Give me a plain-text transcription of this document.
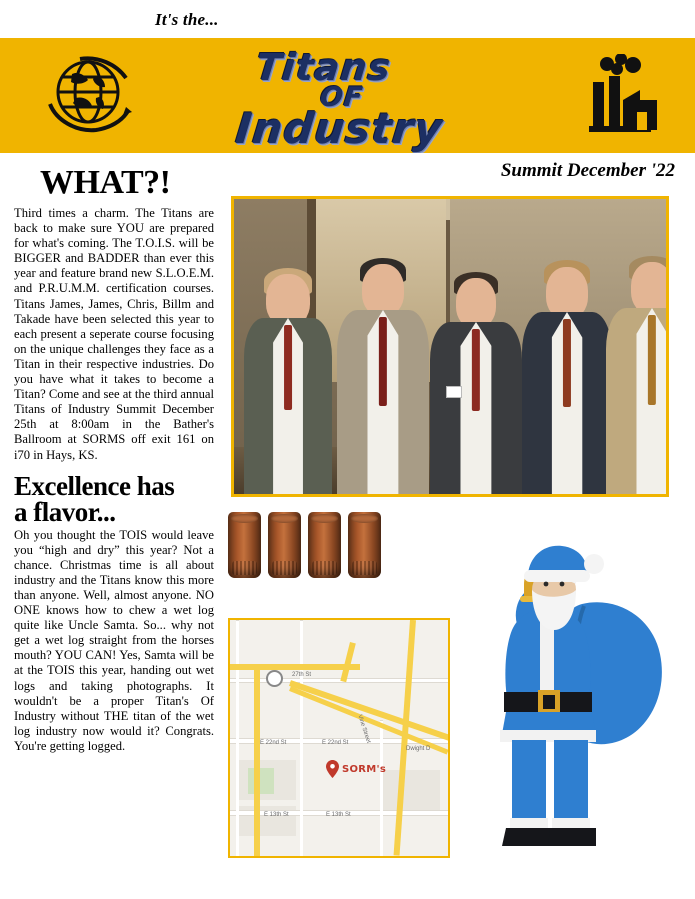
It's the...
Titans
OF
Industry
Summit December '22
WHAT?!

Third times a charm. The Titans are back to make sure YOU are prepared for what's coming. The T.O.I.S. will be BIGGER and BADDER than ever this year and feature brand new S.L.O.E.M. and P.R.U.M.M. certification courses. Titans James, James, Chris, Billm and Takade have been selected this year to each present a seperate course focusing on the unique challenges they face as a Titan in their respective industries. Do you have what it takes to become a Titan? Come and see at the third annual Titans of Industry Summit December 25th at 8:00am in the Bather's Ballroom at SORMS off exit 161 on i70 in Hays, KS.

Excellence has
a flavor...

Oh you thought the TOIS would leave you “high and dry” this year? Not a chance. Christmas time is all about industry and the Titans know this more than anyone. Well, almost anyone. NO ONE knows how to chew a wet log quite like Uncle Samta. So... why not get a wet log straight from the horses mouth? YOU CAN! Yes, Samta will be at the TOIS this year, handing out wet logs and taking photographs. It wouldn't be a proper Titan's Of Industry without THE titan of the wet log industry now would it? Congrats. You're getting logged.

27th St
E 22nd St	E 22nd St
Dwight D
Vine Street
E 13th St	E 13th St
SORM's
